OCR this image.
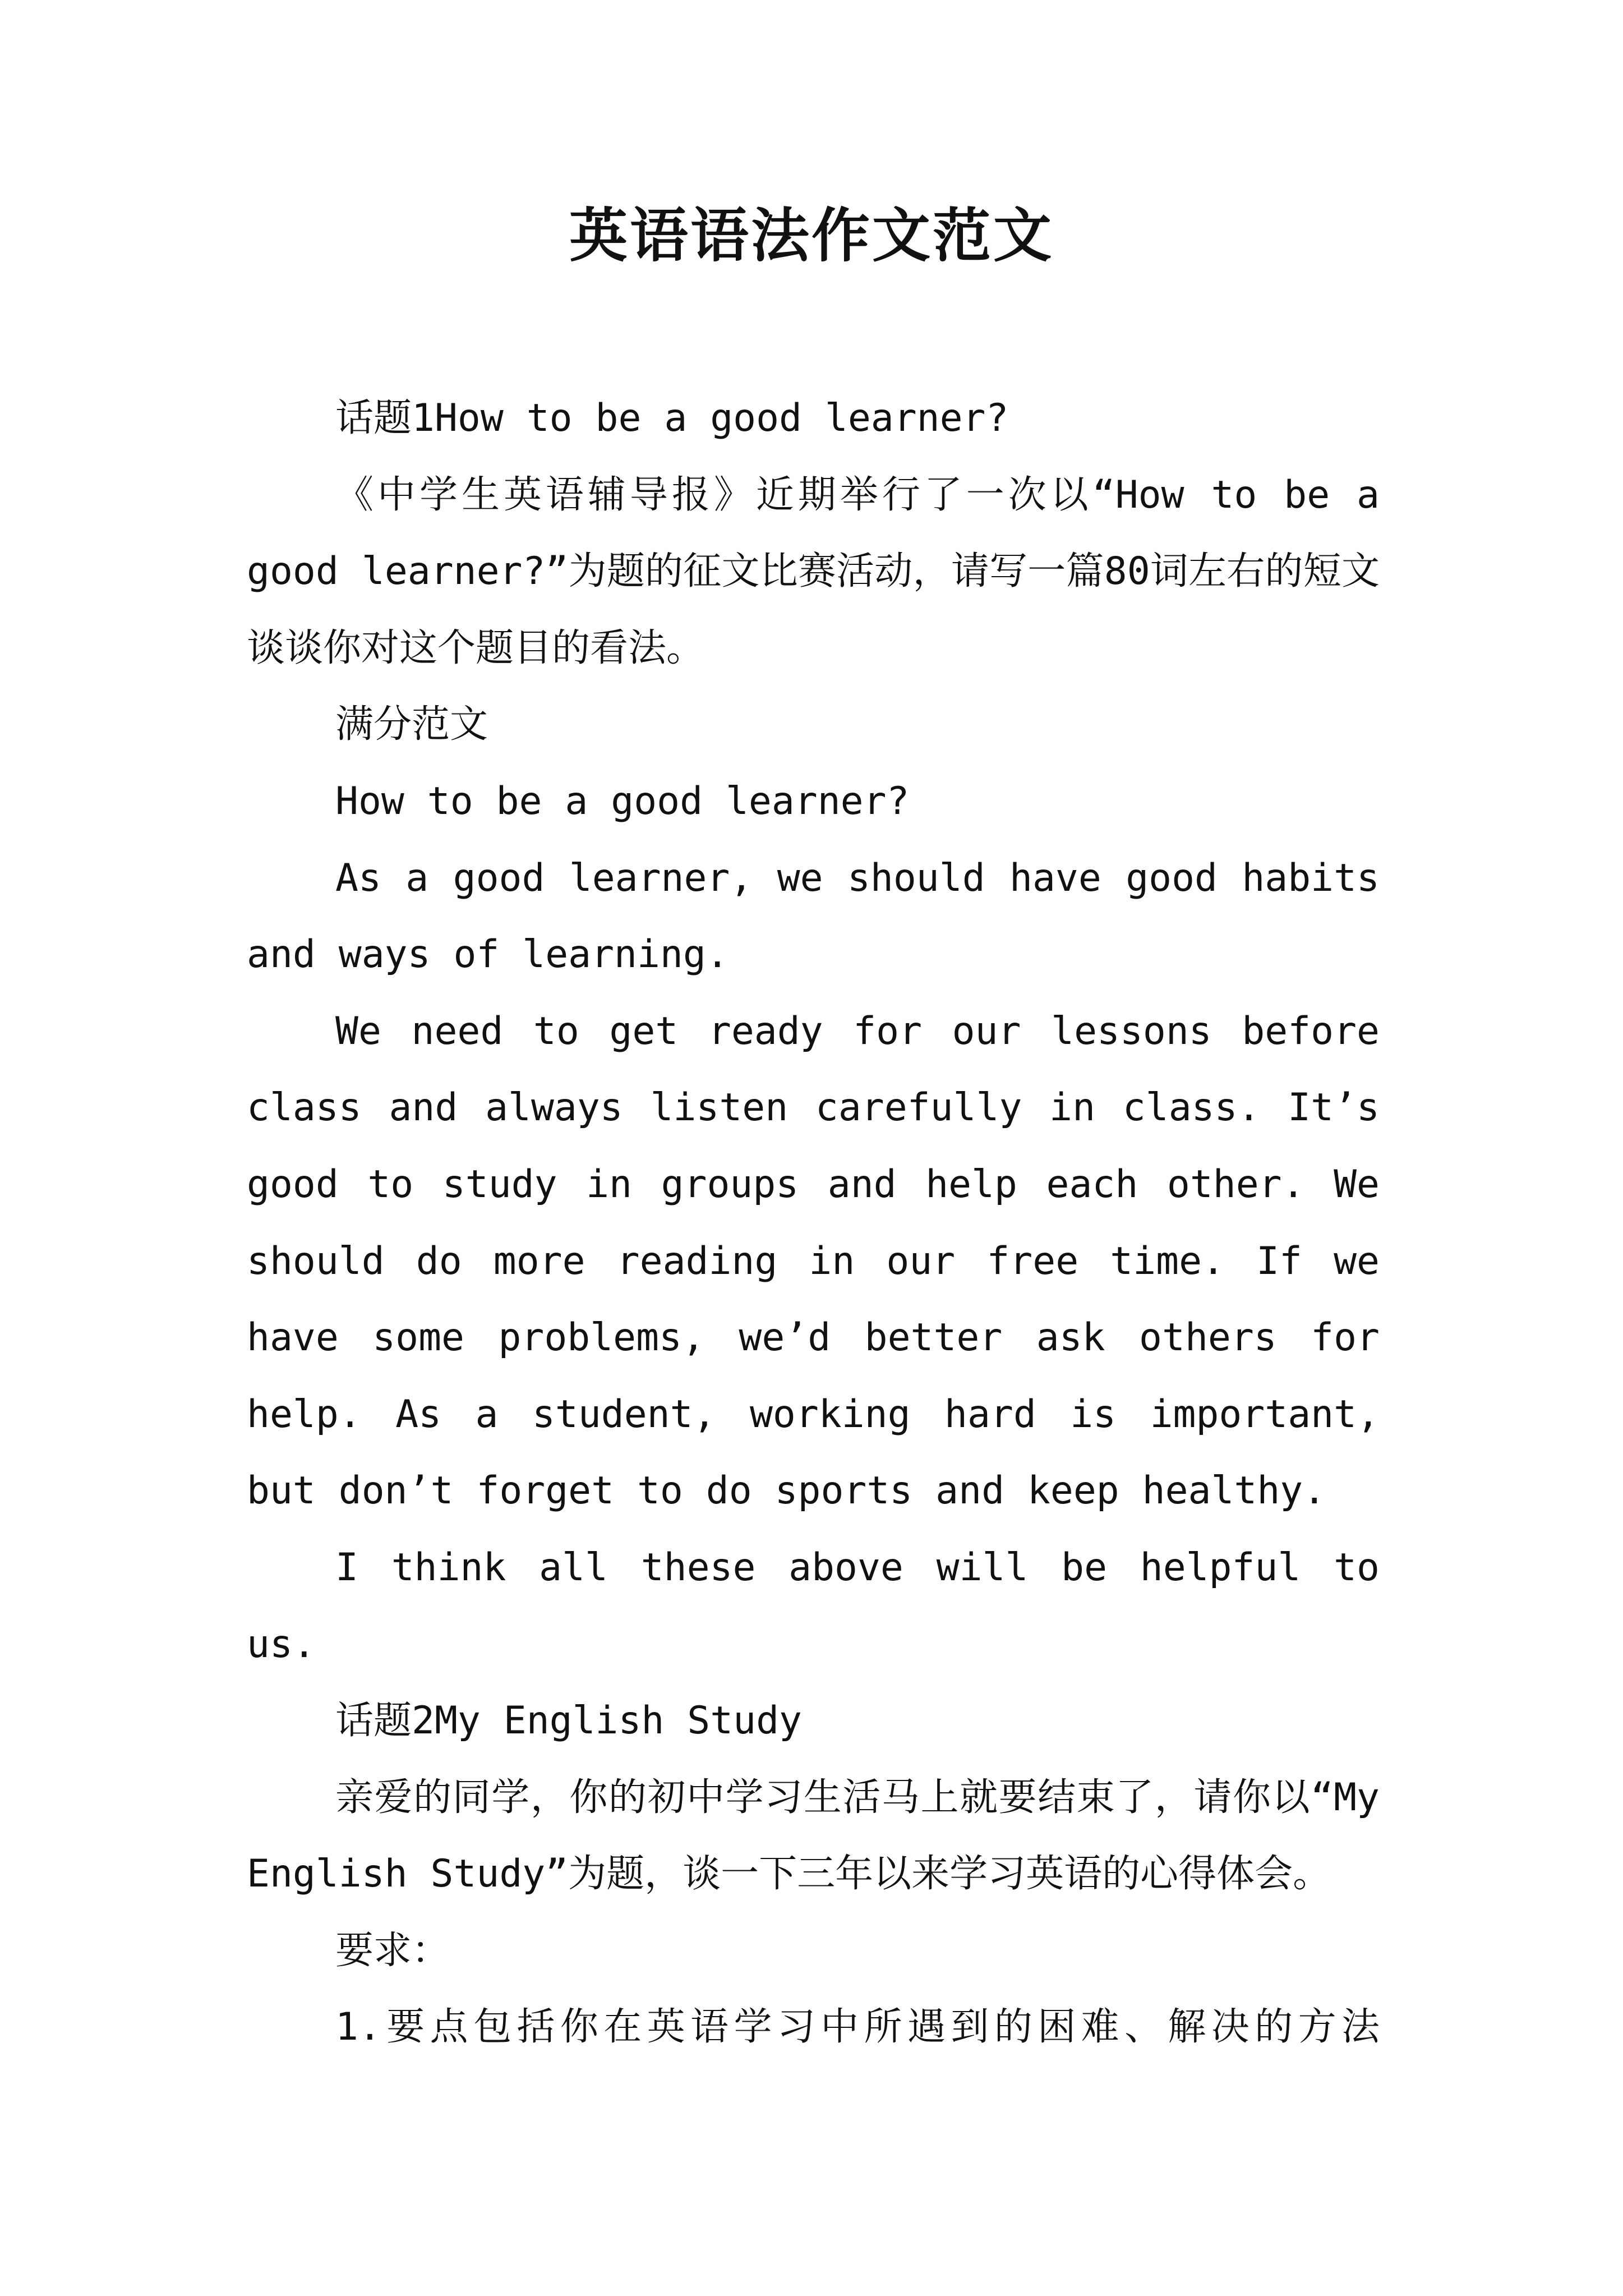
英语语法作文范文

话题1How to be a good learner?

《中学生英语辅导报》近期举行了一次以“How to be a good learner?”为题的征文比赛活动，请写一篇80词左右的短文谈谈你对这个题目的看法。

满分范文

How to be a good learner?

As a good learner, we should have good habits and ways of learning.

We need to get ready for our lessons before class and always listen carefully in class. It’s good to study in groups and help each other. We should do more reading in our free time. If we have some problems, we’d better ask others for help. As a student, working hard is important, but don’t forget to do sports and keep healthy.

I think all these above will be helpful to us.

话题2My English Study

亲爱的同学，你的初中学习生活马上就要结束了，请你以“My English Study”为题，谈一下三年以来学习英语的心得体会。

要求：

1.要点包括你在英语学习中所遇到的困难、解决的方法
